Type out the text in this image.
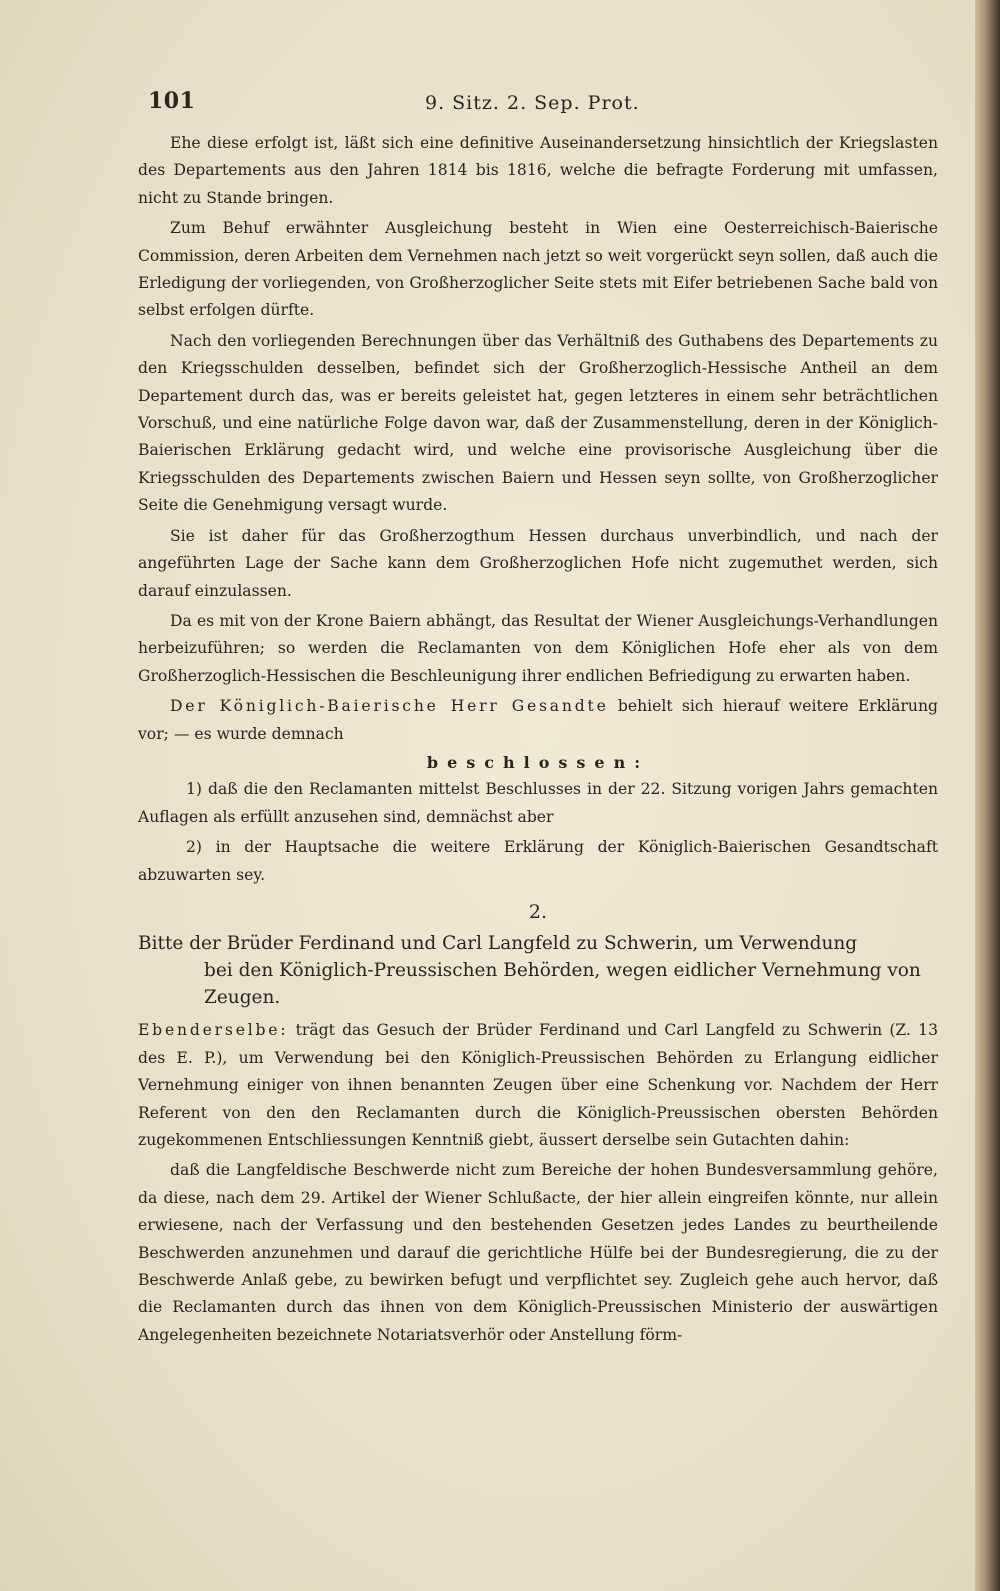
101	9. Sitz. 2. Sep. Prot.

Ehe diese erfolgt ist, läßt sich eine definitive Auseinandersetzung hinsichtlich der Kriegslasten des Departements aus den Jahren 1814 bis 1816, welche die befragte Forderung mit umfassen, nicht zu Stande bringen.

Zum Behuf erwähnter Ausgleichung besteht in Wien eine Oesterreichisch-Baierische Commission, deren Arbeiten dem Vernehmen nach jetzt so weit vorgerückt seyn sollen, daß auch die Erledigung der vorliegenden, von Großherzoglicher Seite stets mit Eifer betriebenen Sache bald von selbst erfolgen dürfte.

Nach den vorliegenden Berechnungen über das Verhältniß des Guthabens des Departements zu den Kriegsschulden desselben, befindet sich der Großherzoglich-Hessische Antheil an dem Departement durch das, was er bereits geleistet hat, gegen letzteres in einem sehr beträchtlichen Vorschuß, und eine natürliche Folge davon war, daß der Zusammenstellung, deren in der Königlich-Baierischen Erklärung gedacht wird, und welche eine provisorische Ausgleichung über die Kriegsschulden des Departements zwischen Baiern und Hessen seyn sollte, von Großherzoglicher Seite die Genehmigung versagt wurde.

Sie ist daher für das Großherzogthum Hessen durchaus unverbindlich, und nach der angeführten Lage der Sache kann dem Großherzoglichen Hofe nicht zugemuthet werden, sich darauf einzulassen.

Da es mit von der Krone Baiern abhängt, das Resultat der Wiener Ausgleichungs-Verhandlungen herbeizuführen; so werden die Reclamanten von dem Königlichen Hofe eher als von dem Großherzoglich-Hessischen die Beschleunigung ihrer endlichen Befriedigung zu erwarten haben.

Der Königlich-Baierische Herr Gesandte behielt sich hierauf weitere Erklärung vor; — es wurde demnach

beschlossen:

1) daß die den Reclamanten mittelst Beschlusses in der 22. Sitzung vorigen Jahrs gemachten Auflagen als erfüllt anzusehen sind, demnächst aber

2) in der Hauptsache die weitere Erklärung der Königlich-Baierischen Gesandtschaft abzuwarten sey.

2.
Bitte der Brüder Ferdinand und Carl Langfeld zu Schwerin, um Verwendung
bei den Königlich-Preussischen Behörden, wegen eidlicher Vernehmung von
Zeugen.

Ebenderselbe: trägt das Gesuch der Brüder Ferdinand und Carl Langfeld zu Schwerin (Z. 13 des E. P.), um Verwendung bei den Königlich-Preussischen Behörden zu Erlangung eidlicher Vernehmung einiger von ihnen benannten Zeugen über eine Schenkung vor. Nachdem der Herr Referent von den den Reclamanten durch die Königlich-Preussischen obersten Behörden zugekommenen Entschliessungen Kenntniß giebt, äussert derselbe sein Gutachten dahin:

daß die Langfeldische Beschwerde nicht zum Bereiche der hohen Bundesversammlung gehöre, da diese, nach dem 29. Artikel der Wiener Schlußacte, der hier allein eingreifen könnte, nur allein erwiesene, nach der Verfassung und den bestehenden Gesetzen jedes Landes zu beurtheilende Beschwerden anzunehmen und darauf die gerichtliche Hülfe bei der Bundesregierung, die zu der Beschwerde Anlaß gebe, zu bewirken befugt und verpflichtet sey. Zugleich gehe auch hervor, daß die Reclamanten durch das ihnen von dem Königlich-Preussischen Ministerio der auswärtigen Angelegenheiten bezeichnete Notariatsverhör oder Anstellung förm-
